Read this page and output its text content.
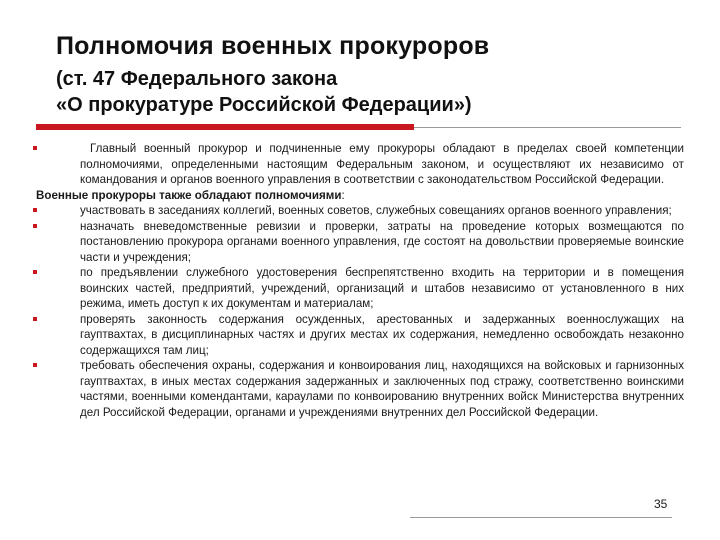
Полномочия военных прокуроров
(ст. 47 Федерального закона
«О прокуратуре Российской Федерации»)
Главный военный прокурор и подчиненные ему прокуроры обладают в пределах своей компетенции полномочиями, определенными настоящим Федеральным законом, и осуществляют их независимо от командования и органов военного управления в соответствии с законодательством Российской Федерации.

Военные прокуроры также обладают полномочиями:

участвовать в заседаниях коллегий, военных советов, служебных совещаниях органов военного управления;
назначать вневедомственные ревизии и проверки, затраты на проведение которых возмещаются по постановлению прокурора органами военного управления, где состоят на довольствии проверяемые воинские части и учреждения;
по предъявлении служебного удостоверения беспрепятственно входить на территории и в помещения воинских частей, предприятий, учреждений, организаций и штабов независимо от установленного в них режима, иметь доступ к их документам и материалам;
проверять законность содержания осужденных, арестованных и задержанных военнослужащих на гауптвахтах, в дисциплинарных частях и других местах их содержания, немедленно освобождать незаконно содержащихся там лиц;
требовать обеспечения охраны, содержания и конвоирования лиц, находящихся на войсковых и гарнизонных гауптвахтах, в иных местах содержания задержанных и заключенных под стражу, соответственно воинскими частями, военными комендантами, караулами по конвоированию внутренних войск Министерства внутренних дел Российской Федерации, органами и учреждениями внутренних дел Российской Федерации.
35
